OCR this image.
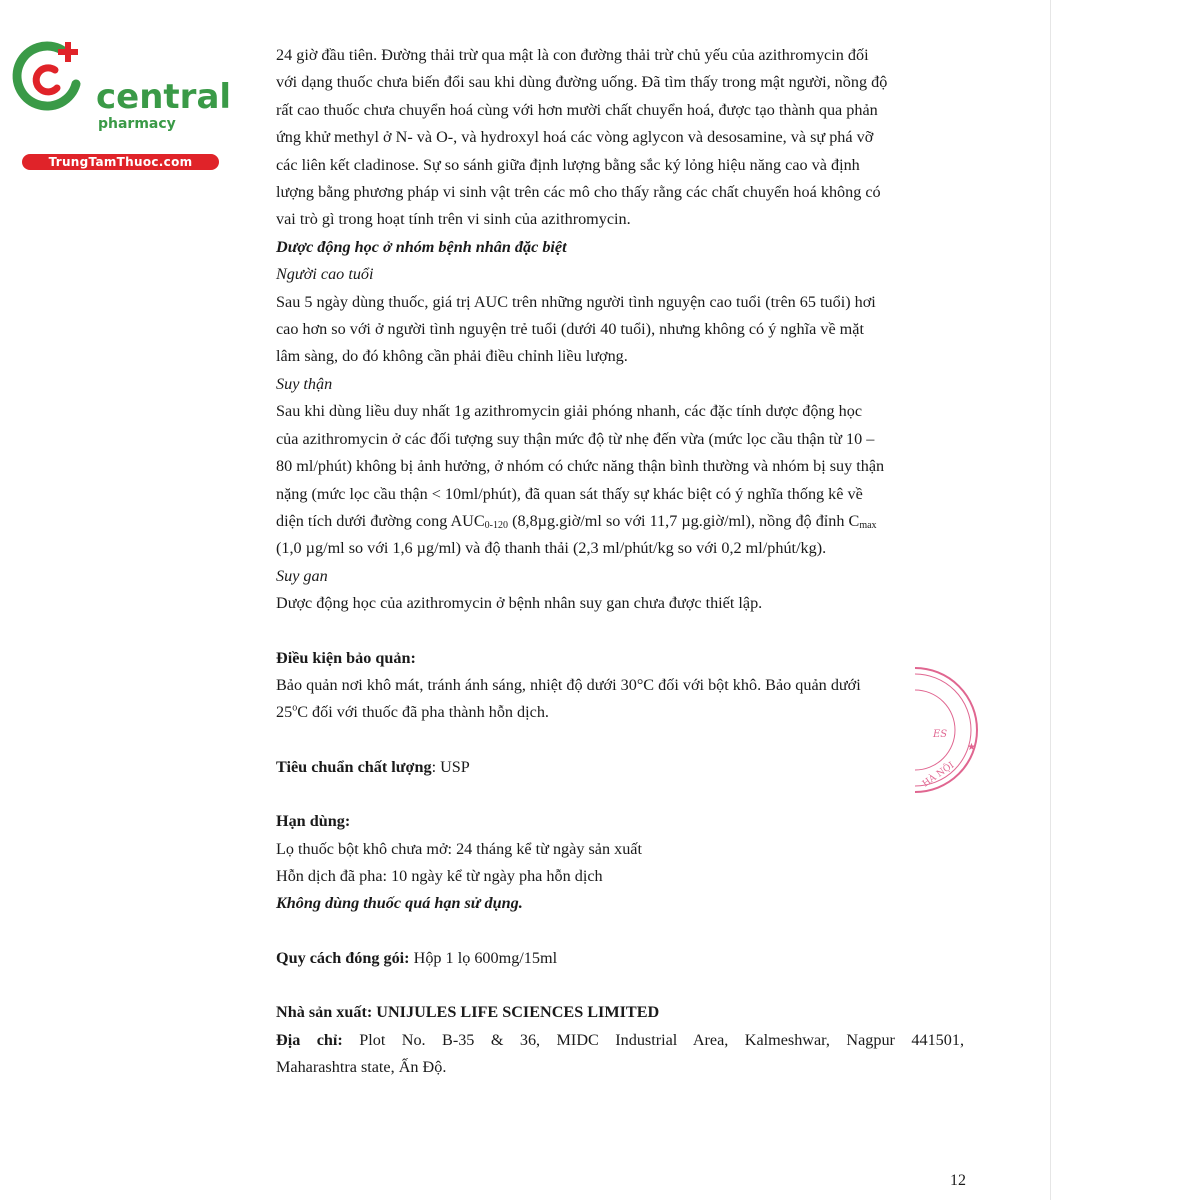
central
pharmacy
TrungTamThuoc.com

24 giờ đầu tiên. Đường thải trừ qua mật là con đường thải trừ chủ yếu của azithromycin đối

với dạng thuốc chưa biến đổi sau khi dùng đường uống. Đã tìm thấy trong mật người, nồng độ

rất cao thuốc chưa chuyển hoá cùng với hơn mười chất chuyển hoá, được tạo thành qua phản

ứng khử methyl ở N- và O-, và hydroxyl hoá các vòng aglycon và desosamine, và sự phá vỡ

các liên kết cladinose. Sự so sánh giữa định lượng bằng sắc ký lỏng hiệu năng cao và định

lượng bằng phương pháp vi sinh vật trên các mô cho thấy rằng các chất chuyển hoá không có

vai trò gì trong hoạt tính trên vi sinh của azithromycin.

Dược động học ở nhóm bệnh nhân đặc biệt

Người cao tuổi

Sau 5 ngày dùng thuốc, giá trị AUC trên những người tình nguyện cao tuổi (trên 65 tuổi) hơi

cao hơn so với ở người tình nguyện trẻ tuổi (dưới 40 tuổi), nhưng không có ý nghĩa về mặt

lâm sàng, do đó không cần phải điều chỉnh liều lượng.

Suy thận

Sau khi dùng liều duy nhất 1g azithromycin giải phóng nhanh, các đặc tính dược động học

của azithromycin ở các đối tượng suy thận mức độ từ nhẹ đến vừa (mức lọc cầu thận từ 10 –

80 ml/phút) không bị ảnh hưởng, ở nhóm có chức năng thận bình thường và nhóm bị suy thận

nặng (mức lọc cầu thận < 10ml/phút), đã quan sát thấy sự khác biệt có ý nghĩa thống kê về

diện tích dưới đường cong $AUC_{0-120}$ (8,8µg.giờ/ml so với 11,7 µg.giờ/ml), nồng độ đỉnh $C_{max}$

(1,0 µg/ml so với 1,6 µg/ml) và độ thanh thải (2,3 ml/phút/kg so với 0,2 ml/phút/kg).

Suy gan

Dược động học của azithromycin ở bệnh nhân suy gan chưa được thiết lập.

Điều kiện bảo quản:

Bảo quản nơi khô mát, tránh ánh sáng, nhiệt độ dưới 30°C đối với bột khô. Bảo quản dưới

25$^o$C đối với thuốc đã pha thành hỗn dịch.

Tiêu chuẩn chất lượng: USP

Hạn dùng:

Lọ thuốc bột khô chưa mở: 24 tháng kể từ ngày sản xuất

Hỗn dịch đã pha: 10 ngày kể từ ngày pha hỗn dịch

Không dùng thuốc quá hạn sử dụng.

Quy cách đóng gói: Hộp 1 lọ 600mg/15ml

Nhà sản xuất: UNIJULES LIFE SCIENCES LIMITED

Địa chỉ: Plot No. B-35 & 36, MIDC Industrial Area, Kalmeshwar, Nagpur 441501,

Maharashtra state, Ấn Độ.

ES
★
HÀ NỘI
12
